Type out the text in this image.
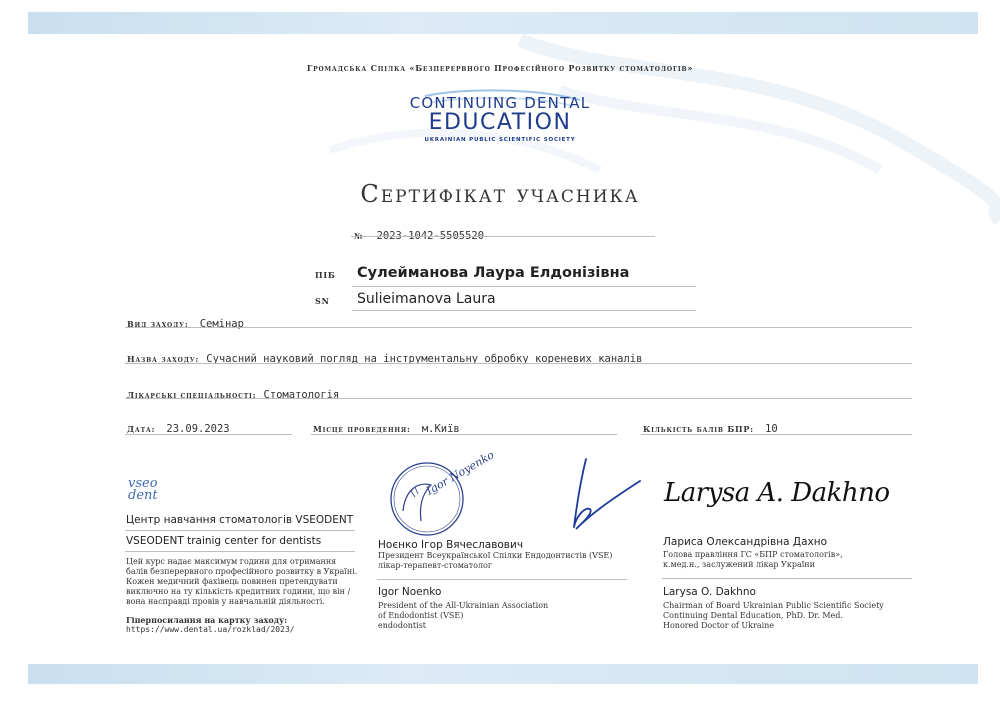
Громадська Спілка «Безперервного Професійного Розвитку стоматологів»
CONTINUING DENTAL
EDUCATION
UKRAINIAN PUBLIC SCIENTIFIC SOCIETY
Сертифікат учасника
№ 2023-1042-5505520
ПІБ Сулейманова Лаура Елдонізівна
SN Sulieimanova Laura
Вид заходу: Семінар
Назва заходу: Сучасний науковий погляд на інструментальну обробку кореневих каналів
Лікарські спеціальності: Стоматологія
Дата: 23.09.2023	Місце проведення: м.Київ	Кількість балів БПР: 10
vseo
dent
Центр навчання стоматологів VSEODENT
VSEODENT trainig center for dentists
Цей курс надає максимум години для отримання
балів безперервного професійного розвитку в Україні.
Кожен медичний фахівець повинен претендувати
виключно на ту кількість кредитних години, що він /
вона насправді провів у навчальній діяльності.
Гіперпосилання на картку заходу:
https://www.dental.ua/rozklad/2023/
Igor Noyenko
Ноєнко Ігор Вячеславович
Президент Всеукраїнської Спілки Ендодонтистів (VSE)
лікар-терапевт-стоматолог
Igor Noenko
President of the All-Ukrainian Association
of Endodontist (VSE)
endodontist
Larysa A. Dakhno
Лариса Олександрівна Дахно
Голова правління ГС «БПР стоматологів»,
к.мед.н., заслужений лікар України
Larysa O. Dakhno
Chairman of Board Ukrainian Public Scientific Society
Continuing Dental Education, PhD. Dr. Med.
Honored Doctor of Ukraine
